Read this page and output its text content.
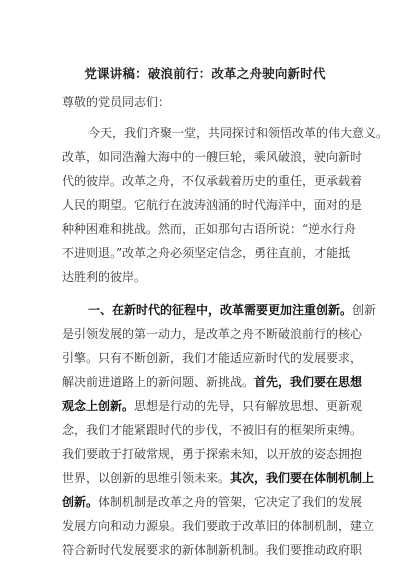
党课讲稿：破浪前行：改革之舟驶向新时代
尊敬的党员同志们：
今天，我们齐聚一堂，共同探讨和领悟改革的伟大意义。
改革，如同浩瀚大海中的一艘巨轮，乘风破浪，驶向新时
代的彼岸。改革之舟，不仅承载着历史的重任，更承载着
人民的期望。它航行在波涛汹涌的时代海洋中，面对的是
种种困难和挑战。然而，正如那句古语所说：“逆水行舟
不进则退。”改革之舟必须坚定信念，勇往直前，才能抵
达胜利的彼岸。
一、在新时代的征程中，改革需要更加注重创新。创新
是引领发展的第一动力，是改革之舟不断破浪前行的核心
引擎。只有不断创新，我们才能适应新时代的发展要求，
解决前进道路上的新问题、新挑战。首先，我们要在思想
观念上创新。思想是行动的先导，只有解放思想、更新观
念，我们才能紧跟时代的步伐，不被旧有的框架所束缚。
我们要敢于打破常规，勇于探索未知，以开放的姿态拥抱
世界，以创新的思维引领未来。其次，我们要在体制机制上
创新。体制机制是改革之舟的管架，它决定了我们的发展
发展方向和动力源泉。我们要敢于改革旧的体制机制，建立
符合新时代发展要求的新体制新机制。我们要推动政府职
